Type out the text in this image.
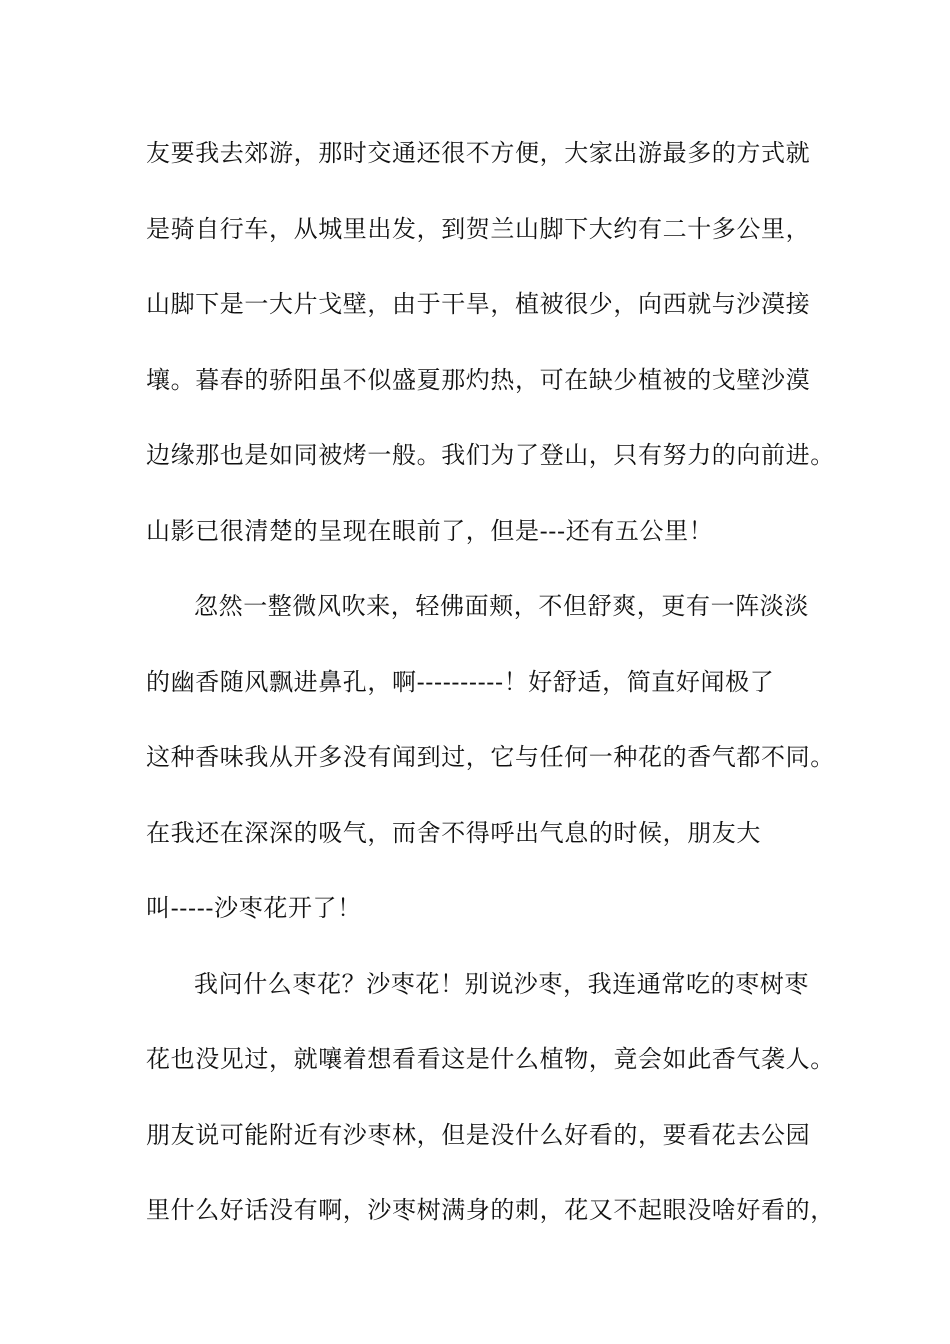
友要我去郊游，那时交通还很不方便，大家出游最多的方式就
是骑自行车，从城里出发，到贺兰山脚下大约有二十多公里，
山脚下是一大片戈壁，由于干旱，植被很少，向西就与沙漠接
壤。暮春的骄阳虽不似盛夏那灼热，可在缺少植被的戈壁沙漠
边缘那也是如同被烤一般。我们为了登山，只有努力的向前进。
山影已很清楚的呈现在眼前了，但是---还有五公里！
忽然一整微风吹来，轻佛面颊，不但舒爽，更有一阵淡淡
的幽香随风飘进鼻孔，啊----------！好舒适，简直好闻极了
这种香味我从开多没有闻到过，它与任何一种花的香气都不同。
在我还在深深的吸气，而舍不得呼出气息的时候，朋友大
叫-----沙枣花开了！
我问什么枣花？沙枣花！别说沙枣，我连通常吃的枣树枣
花也没见过，就嚷着想看看这是什么植物，竟会如此香气袭人。
朋友说可能附近有沙枣林，但是没什么好看的，要看花去公园
里什么好话没有啊，沙枣树满身的刺，花又不起眼没啥好看的，
